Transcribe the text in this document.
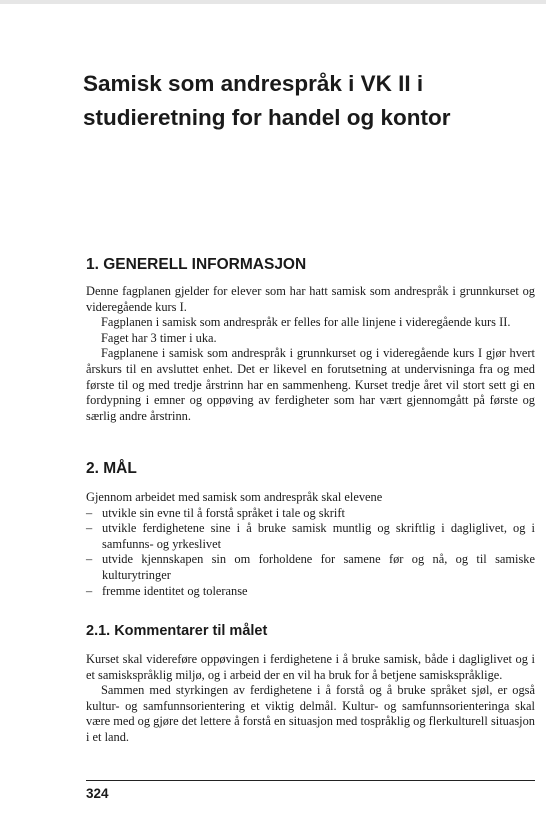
Samisk som andrespråk i VK II i studieretning for handel og kontor
1. GENERELL INFORMASJON

Denne fagplanen gjelder for elever som har hatt samisk som andrespråk i grunnkurset og videregående kurs I.

Fagplanen i samisk som andrespråk er felles for alle linjene i videregående kurs II.

Faget har 3 timer i uka.

Fagplanene i samisk som andrespråk i grunnkurset og i videregående kurs I gjør hvert årskurs til en avsluttet enhet. Det er likevel en forutsetning at undervisninga fra og med første til og med tredje årstrinn har en sammenheng. Kurset tredje året vil stort sett gi en fordypning i emner og oppøving av ferdigheter som har vært gjennomgått på første og særlig andre årstrinn.

2. MÅL

Gjennom arbeidet med samisk som andrespråk skal elevene

– utvikle sin evne til å forstå språket i tale og skrift
– utvikle ferdighetene sine i å bruke samisk muntlig og skriftlig i dagliglivet, og i samfunns- og yrkeslivet
– utvide kjennskapen sin om forholdene for samene før og nå, og til samiske kulturytringer
– fremme identitet og toleranse
2.1. Kommentarer til målet

Kurset skal videreføre oppøvingen i ferdighetene i å bruke samisk, både i dagliglivet og i et samiskspråklig miljø, og i arbeid der en vil ha bruk for å betjene samiskspråklige.

Sammen med styrkingen av ferdighetene i å forstå og å bruke språket sjøl, er også kultur- og samfunnsorientering et viktig delmål. Kultur- og samfunnsorienteringa skal være med og gjøre det lettere å forstå en situasjon med tospråklig og flerkulturell situasjon i et land.

324
